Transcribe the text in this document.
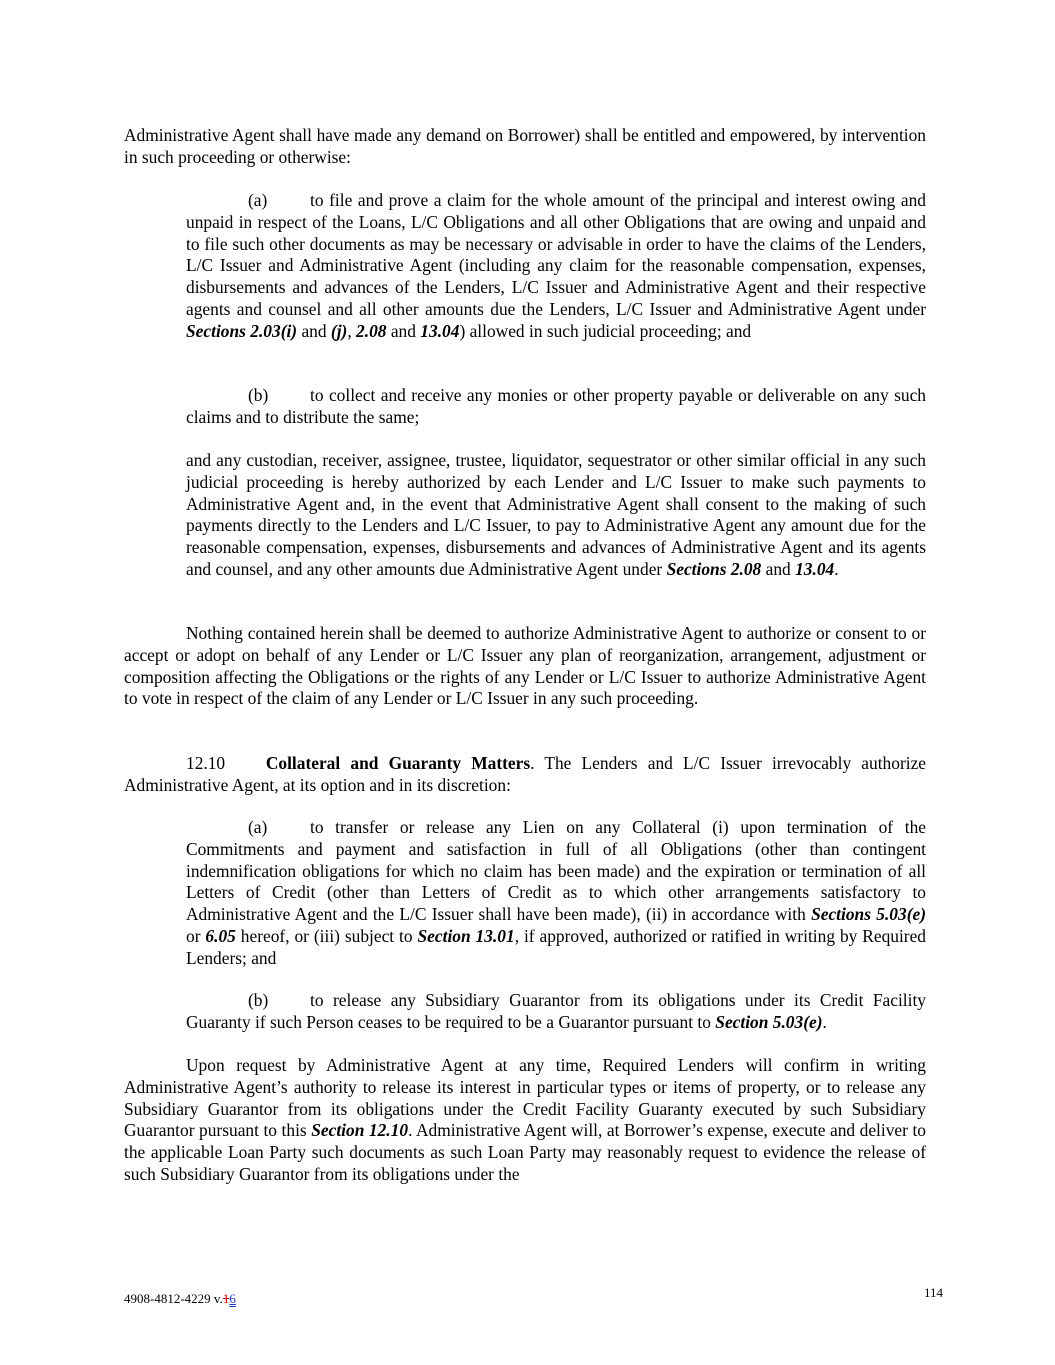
Administrative Agent shall have made any demand on Borrower) shall be entitled and empowered, by intervention in such proceeding or otherwise:

(a) to file and prove a claim for the whole amount of the principal and interest owing and unpaid in respect of the Loans, L/C Obligations and all other Obligations that are owing and unpaid and to file such other documents as may be necessary or advisable in order to have the claims of the Lenders, L/C Issuer and Administrative Agent (including any claim for the reasonable compensation, expenses, disbursements and advances of the Lenders, L/C Issuer and Administrative Agent and their respective agents and counsel and all other amounts due the Lenders, L/C Issuer and Administrative Agent under Sections 2.03(i) and (j), 2.08 and 13.04) allowed in such judicial proceeding; and

(b) to collect and receive any monies or other property payable or deliverable on any such claims and to distribute the same;

and any custodian, receiver, assignee, trustee, liquidator, sequestrator or other similar official in any such judicial proceeding is hereby authorized by each Lender and L/C Issuer to make such payments to Administrative Agent and, in the event that Administrative Agent shall consent to the making of such payments directly to the Lenders and L/C Issuer, to pay to Administrative Agent any amount due for the reasonable compensation, expenses, disbursements and advances of Administrative Agent and its agents and counsel, and any other amounts due Administrative Agent under Sections 2.08 and 13.04.

Nothing contained herein shall be deemed to authorize Administrative Agent to authorize or consent to or accept or adopt on behalf of any Lender or L/C Issuer any plan of reorganization, arrangement, adjustment or composition affecting the Obligations or the rights of any Lender or L/C Issuer to authorize Administrative Agent to vote in respect of the claim of any Lender or L/C Issuer in any such proceeding.

12.10 Collateral and Guaranty Matters. The Lenders and L/C Issuer irrevocably authorize Administrative Agent, at its option and in its discretion:

(a) to transfer or release any Lien on any Collateral (i) upon termination of the Commitments and payment and satisfaction in full of all Obligations (other than contingent indemnification obligations for which no claim has been made) and the expiration or termination of all Letters of Credit (other than Letters of Credit as to which other arrangements satisfactory to Administrative Agent and the L/C Issuer shall have been made), (ii) in accordance with Sections 5.03(e) or 6.05 hereof, or (iii) subject to Section 13.01, if approved, authorized or ratified in writing by Required Lenders; and

(b) to release any Subsidiary Guarantor from its obligations under its Credit Facility Guaranty if such Person ceases to be required to be a Guarantor pursuant to Section 5.03(e).

Upon request by Administrative Agent at any time, Required Lenders will confirm in writing Administrative Agent’s authority to release its interest in particular types or items of property, or to release any Subsidiary Guarantor from its obligations under the Credit Facility Guaranty executed by such Subsidiary Guarantor pursuant to this Section 12.10. Administrative Agent will, at Borrower’s expense, execute and deliver to the applicable Loan Party such documents as such Loan Party may reasonably request to evidence the release of such Subsidiary Guarantor from its obligations under the

4908-4812-4229 v.16	114
